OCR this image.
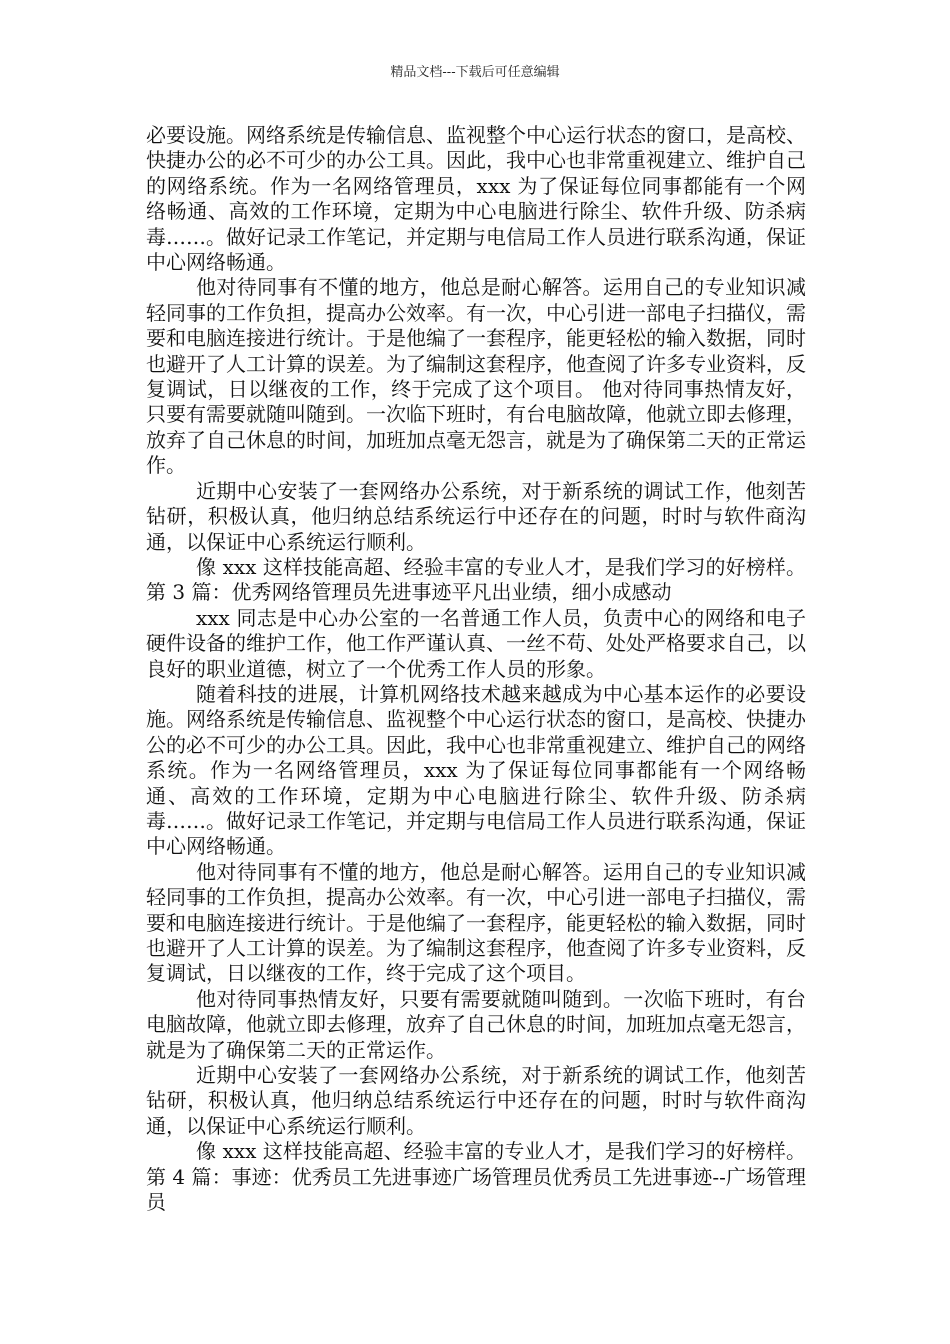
精品文档---下载后可任意编辑

必要设施。网络系统是传输信息、监视整个中心运行状态的窗口，是高校、快捷办公的必不可少的办公工具。因此，我中心也非常重视建立、维护自己的网络系统。作为一名网络管理员，xxx 为了保证每位同事都能有一个网络畅通、高效的工作环境，定期为中心电脑进行除尘、软件升级、防杀病毒……。做好记录工作笔记，并定期与电信局工作人员进行联系沟通，保证中心网络畅通。

他对待同事有不懂的地方，他总是耐心解答。运用自己的专业知识减轻同事的工作负担，提高办公效率。有一次，中心引进一部电子扫描仪，需要和电脑连接进行统计。于是他编了一套程序，能更轻松的输入数据，同时也避开了人工计算的误差。为了编制这套程序，他查阅了许多专业资料，反复调试，日以继夜的工作，终于完成了这个项目。 他对待同事热情友好，只要有需要就随叫随到。一次临下班时，有台电脑故障，他就立即去修理，放弃了自己休息的时间，加班加点毫无怨言，就是为了确保第二天的正常运作。

近期中心安装了一套网络办公系统，对于新系统的调试工作，他刻苦钻研，积极认真，他归纳总结系统运行中还存在的问题，时时与软件商沟通，以保证中心系统运行顺利。

像 xxx 这样技能高超、经验丰富的专业人才，是我们学习的好榜样。第 3 篇：优秀网络管理员先进事迹平凡出业绩，细小成感动

xxx 同志是中心办公室的一名普通工作人员，负责中心的网络和电子硬件设备的维护工作，他工作严谨认真、一丝不苟、处处严格要求自己，以良好的职业道德，树立了一个优秀工作人员的形象。

随着科技的进展，计算机网络技术越来越成为中心基本运作的必要设施。网络系统是传输信息、监视整个中心运行状态的窗口，是高校、快捷办公的必不可少的办公工具。因此，我中心也非常重视建立、维护自己的网络系统。作为一名网络管理员，xxx 为了保证每位同事都能有一个网络畅通、高效的工作环境，定期为中心电脑进行除尘、软件升级、防杀病毒……。做好记录工作笔记，并定期与电信局工作人员进行联系沟通，保证中心网络畅通。

他对待同事有不懂的地方，他总是耐心解答。运用自己的专业知识减轻同事的工作负担，提高办公效率。有一次，中心引进一部电子扫描仪，需要和电脑连接进行统计。于是他编了一套程序，能更轻松的输入数据，同时也避开了人工计算的误差。为了编制这套程序，他查阅了许多专业资料，反复调试，日以继夜的工作，终于完成了这个项目。

他对待同事热情友好，只要有需要就随叫随到。一次临下班时，有台电脑故障，他就立即去修理，放弃了自己休息的时间，加班加点毫无怨言，就是为了确保第二天的正常运作。

近期中心安装了一套网络办公系统，对于新系统的调试工作，他刻苦钻研，积极认真，他归纳总结系统运行中还存在的问题，时时与软件商沟通，以保证中心系统运行顺利。

像 xxx 这样技能高超、经验丰富的专业人才，是我们学习的好榜样。第 4 篇：事迹：优秀员工先进事迹广场管理员优秀员工先进事迹--广场管理员
